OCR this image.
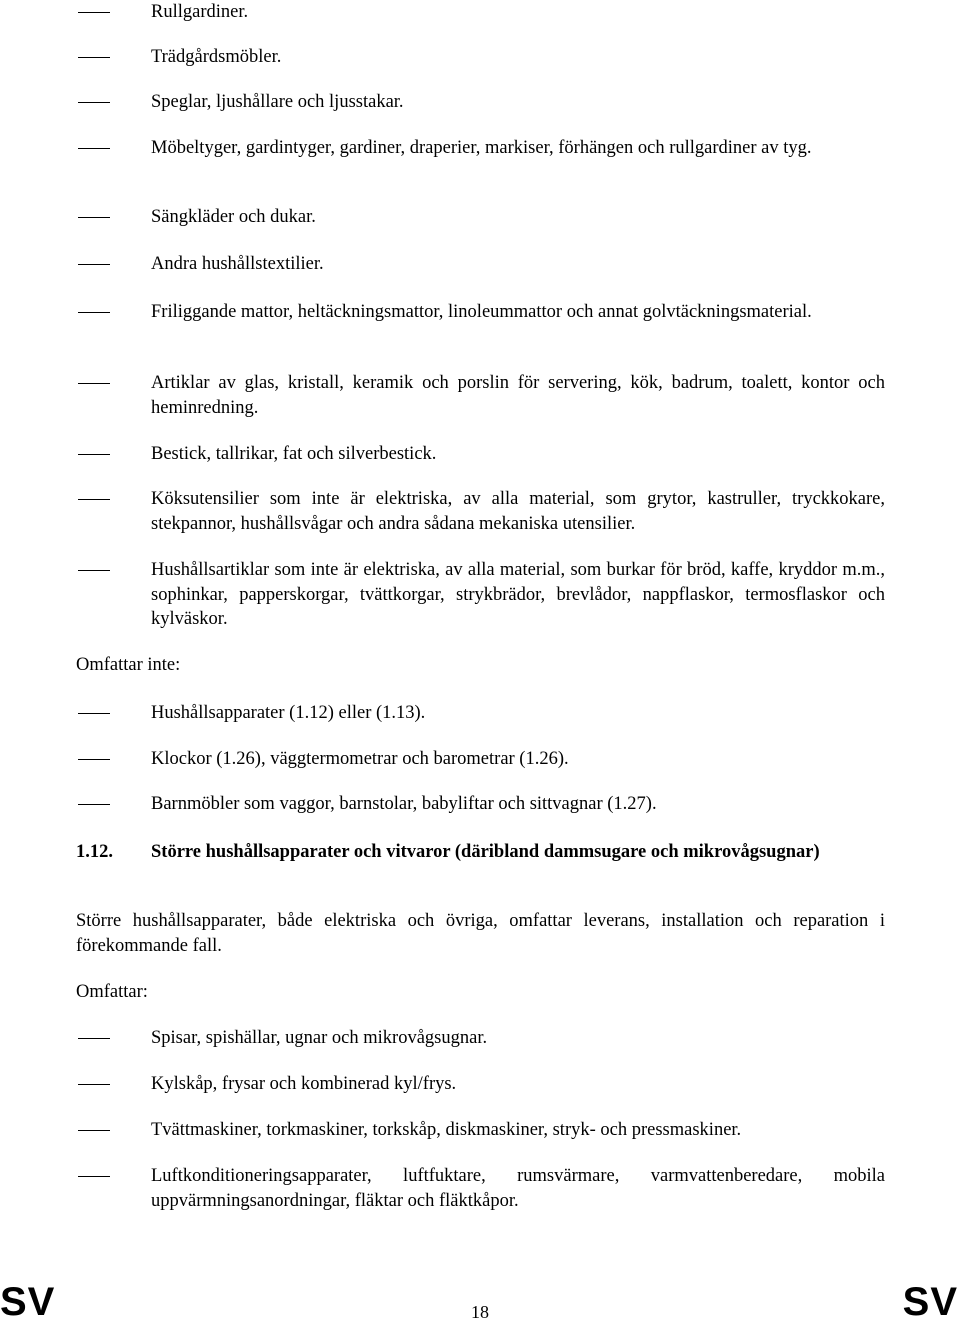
Rullgardiner.
Trädgårdsmöbler.
Speglar, ljushållare och ljusstakar.
Möbeltyger, gardintyger, gardiner, draperier, markiser, förhängen och rullgardiner av tyg.
Sängkläder och dukar.
Andra hushållstextilier.
Friliggande mattor, heltäckningsmattor, linoleummattor och annat golvtäckningsmaterial.
Artiklar av glas, kristall, keramik och porslin för servering, kök, badrum, toalett, kontor och heminredning.
Bestick, tallrikar, fat och silverbestick.
Köksutensilier som inte är elektriska, av alla material, som grytor, kastruller, tryckkokare, stekpannor, hushållsvågar och andra sådana mekaniska utensilier.
Hushållsartiklar som inte är elektriska, av alla material, som burkar för bröd, kaffe, kryddor m.m., sophinkar, papperskorgar, tvättkorgar, strykbrädor, brevlådor, nappflaskor, termosflaskor och kylväskor.
Omfattar inte:
Hushållsapparater (1.12) eller (1.13).
Klockor (1.26), väggtermometrar och barometrar (1.26).
Barnmöbler som vaggor, barnstolar, babyliftar och sittvagnar (1.27).
1.12. Större hushållsapparater och vitvaror (däribland dammsugare och mikrovågsugnar)
Större hushållsapparater, både elektriska och övriga, omfattar leverans, installation och reparation i förekommande fall.
Omfattar:
Spisar, spishällar, ugnar och mikrovågsugnar.
Kylskåp, frysar och kombinerad kyl/frys.
Tvättmaskiner, torkmaskiner, torkskåp, diskmaskiner, stryk- och pressmaskiner.
Luftkonditioneringsapparater, luftfuktare, rumsvärmare, varmvattenberedare, mobila uppvärmningsanordningar, fläktar och fläktkåpor.
SV	18	SV
